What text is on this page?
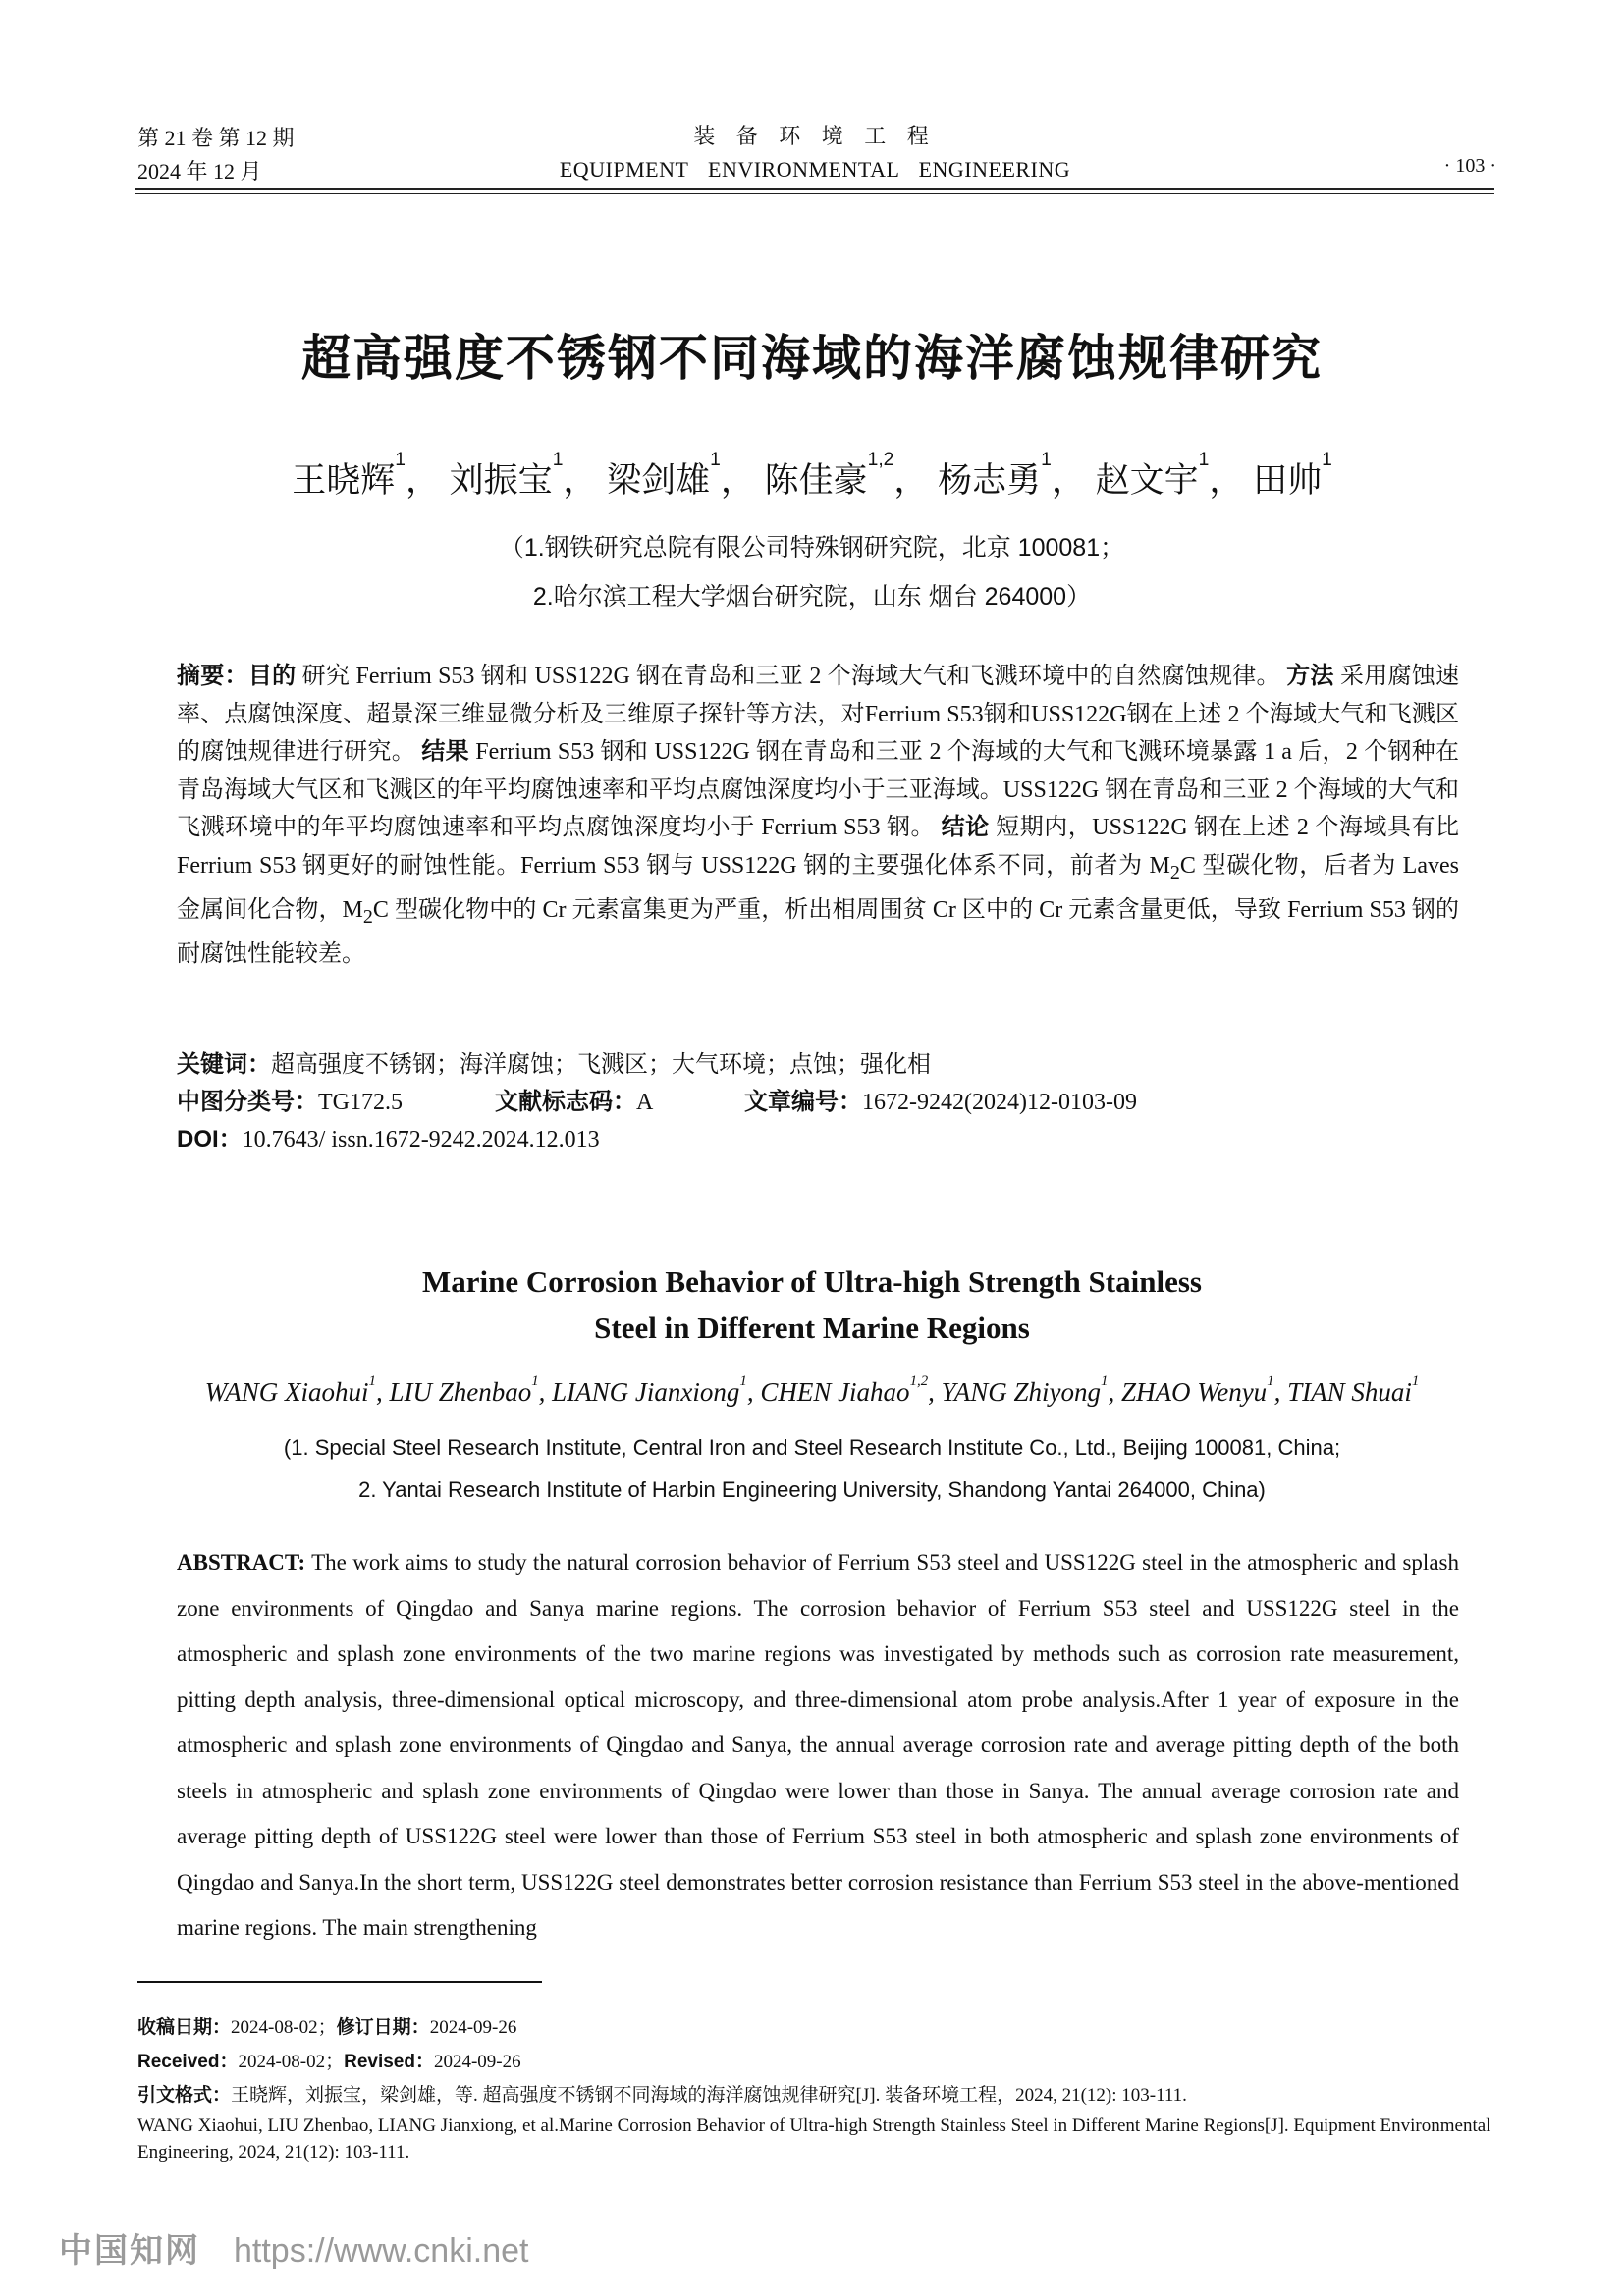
第 21 卷 第 12 期
2024 年 12 月
装 备 环 境 工 程
EQUIPMENT ENVIRONMENTAL ENGINEERING	· 103 ·
超高强度不锈钢不同海域的海洋腐蚀规律研究
王晓辉$^1$， 刘振宝$^1$， 梁剑雄$^1$， 陈佳豪$^{1,2}$， 杨志勇$^1$， 赵文宇$^1$， 田帅$^1$
（1.钢铁研究总院有限公司特殊钢研究院，北京 100081；
2.哈尔滨工程大学烟台研究院，山东 烟台 264000）
摘要：目的 研究 Ferrium S53 钢和 USS122G 钢在青岛和三亚 2 个海域大气和飞溅环境中的自然腐蚀规律。 方法 采用腐蚀速率、点腐蚀深度、超景深三维显微分析及三维原子探针等方法，对Ferrium S53钢和USS122G钢在上述 2 个海域大气和飞溅区的腐蚀规律进行研究。 结果 Ferrium S53 钢和 USS122G 钢在青岛和三亚 2 个海域的大气和飞溅环境暴露 1 a 后，2 个钢种在青岛海域大气区和飞溅区的年平均腐蚀速率和平均点腐蚀深度均小于三亚海域。USS122G 钢在青岛和三亚 2 个海域的大气和飞溅环境中的年平均腐蚀速率和平均点腐蚀深度均小于 Ferrium S53 钢。 结论 短期内，USS122G 钢在上述 2 个海域具有比 Ferrium S53 钢更好的耐蚀性能。Ferrium S53 钢与 USS122G 钢的主要强化体系不同，前者为 $M_2C$ 型碳化物，后者为 Laves 金属间化合物，$M_2C$ 型碳化物中的 Cr 元素富集更为严重，析出相周围贫 Cr 区中的 Cr 元素含量更低，导致 Ferrium S53 钢的耐腐蚀性能较差。
关键词：超高强度不锈钢；海洋腐蚀；飞溅区；大气环境；点蚀；强化相
中图分类号：TG172.5	文献标志码：A	文章编号：1672-9242(2024)12-0103-09
DOI：10.7643/ issn.1672-9242.2024.12.013
Marine Corrosion Behavior of Ultra-high Strength Stainless
Steel in Different Marine Regions
WANG Xiaohui$^1$, LIU Zhenbao$^1$, LIANG Jianxiong$^1$, CHEN Jiahao$^{1,2}$, YANG Zhiyong$^1$, ZHAO Wenyu$^1$, TIAN Shuai$^1$
(1. Special Steel Research Institute, Central Iron and Steel Research Institute Co., Ltd., Beijing 100081, China;
2. Yantai Research Institute of Harbin Engineering University, Shandong Yantai 264000, China)
ABSTRACT: The work aims to study the natural corrosion behavior of Ferrium S53 steel and USS122G steel in the atmospheric and splash zone environments of Qingdao and Sanya marine regions. The corrosion behavior of Ferrium S53 steel and USS122G steel in the atmospheric and splash zone environments of the two marine regions was investigated by methods such as corrosion rate measurement, pitting depth analysis, three-dimensional optical microscopy, and three-dimensional atom probe analysis.After 1 year of exposure in the atmospheric and splash zone environments of Qingdao and Sanya, the annual average corrosion rate and average pitting depth of the both steels in atmospheric and splash zone environments of Qingdao were lower than those in Sanya. The annual average corrosion rate and average pitting depth of USS122G steel were lower than those of Ferrium S53 steel in both atmospheric and splash zone environments of Qingdao and Sanya.In the short term, USS122G steel demonstrates better corrosion resistance than Ferrium S53 steel in the above-mentioned marine regions. The main strengthening
收稿日期：2024-08-02；修订日期：2024-09-26
Received：2024-08-02；Revised：2024-09-26
引文格式：王晓辉，刘振宝，梁剑雄，等. 超高强度不锈钢不同海域的海洋腐蚀规律研究[J]. 装备环境工程，2024, 21(12): 103-111.
WANG Xiaohui, LIU Zhenbao, LIANG Jianxiong, et al.Marine Corrosion Behavior of Ultra-high Strength Stainless Steel in Different Marine Regions[J]. Equipment Environmental Engineering, 2024, 21(12): 103-111.
中国知网 https://www.cnki.net
